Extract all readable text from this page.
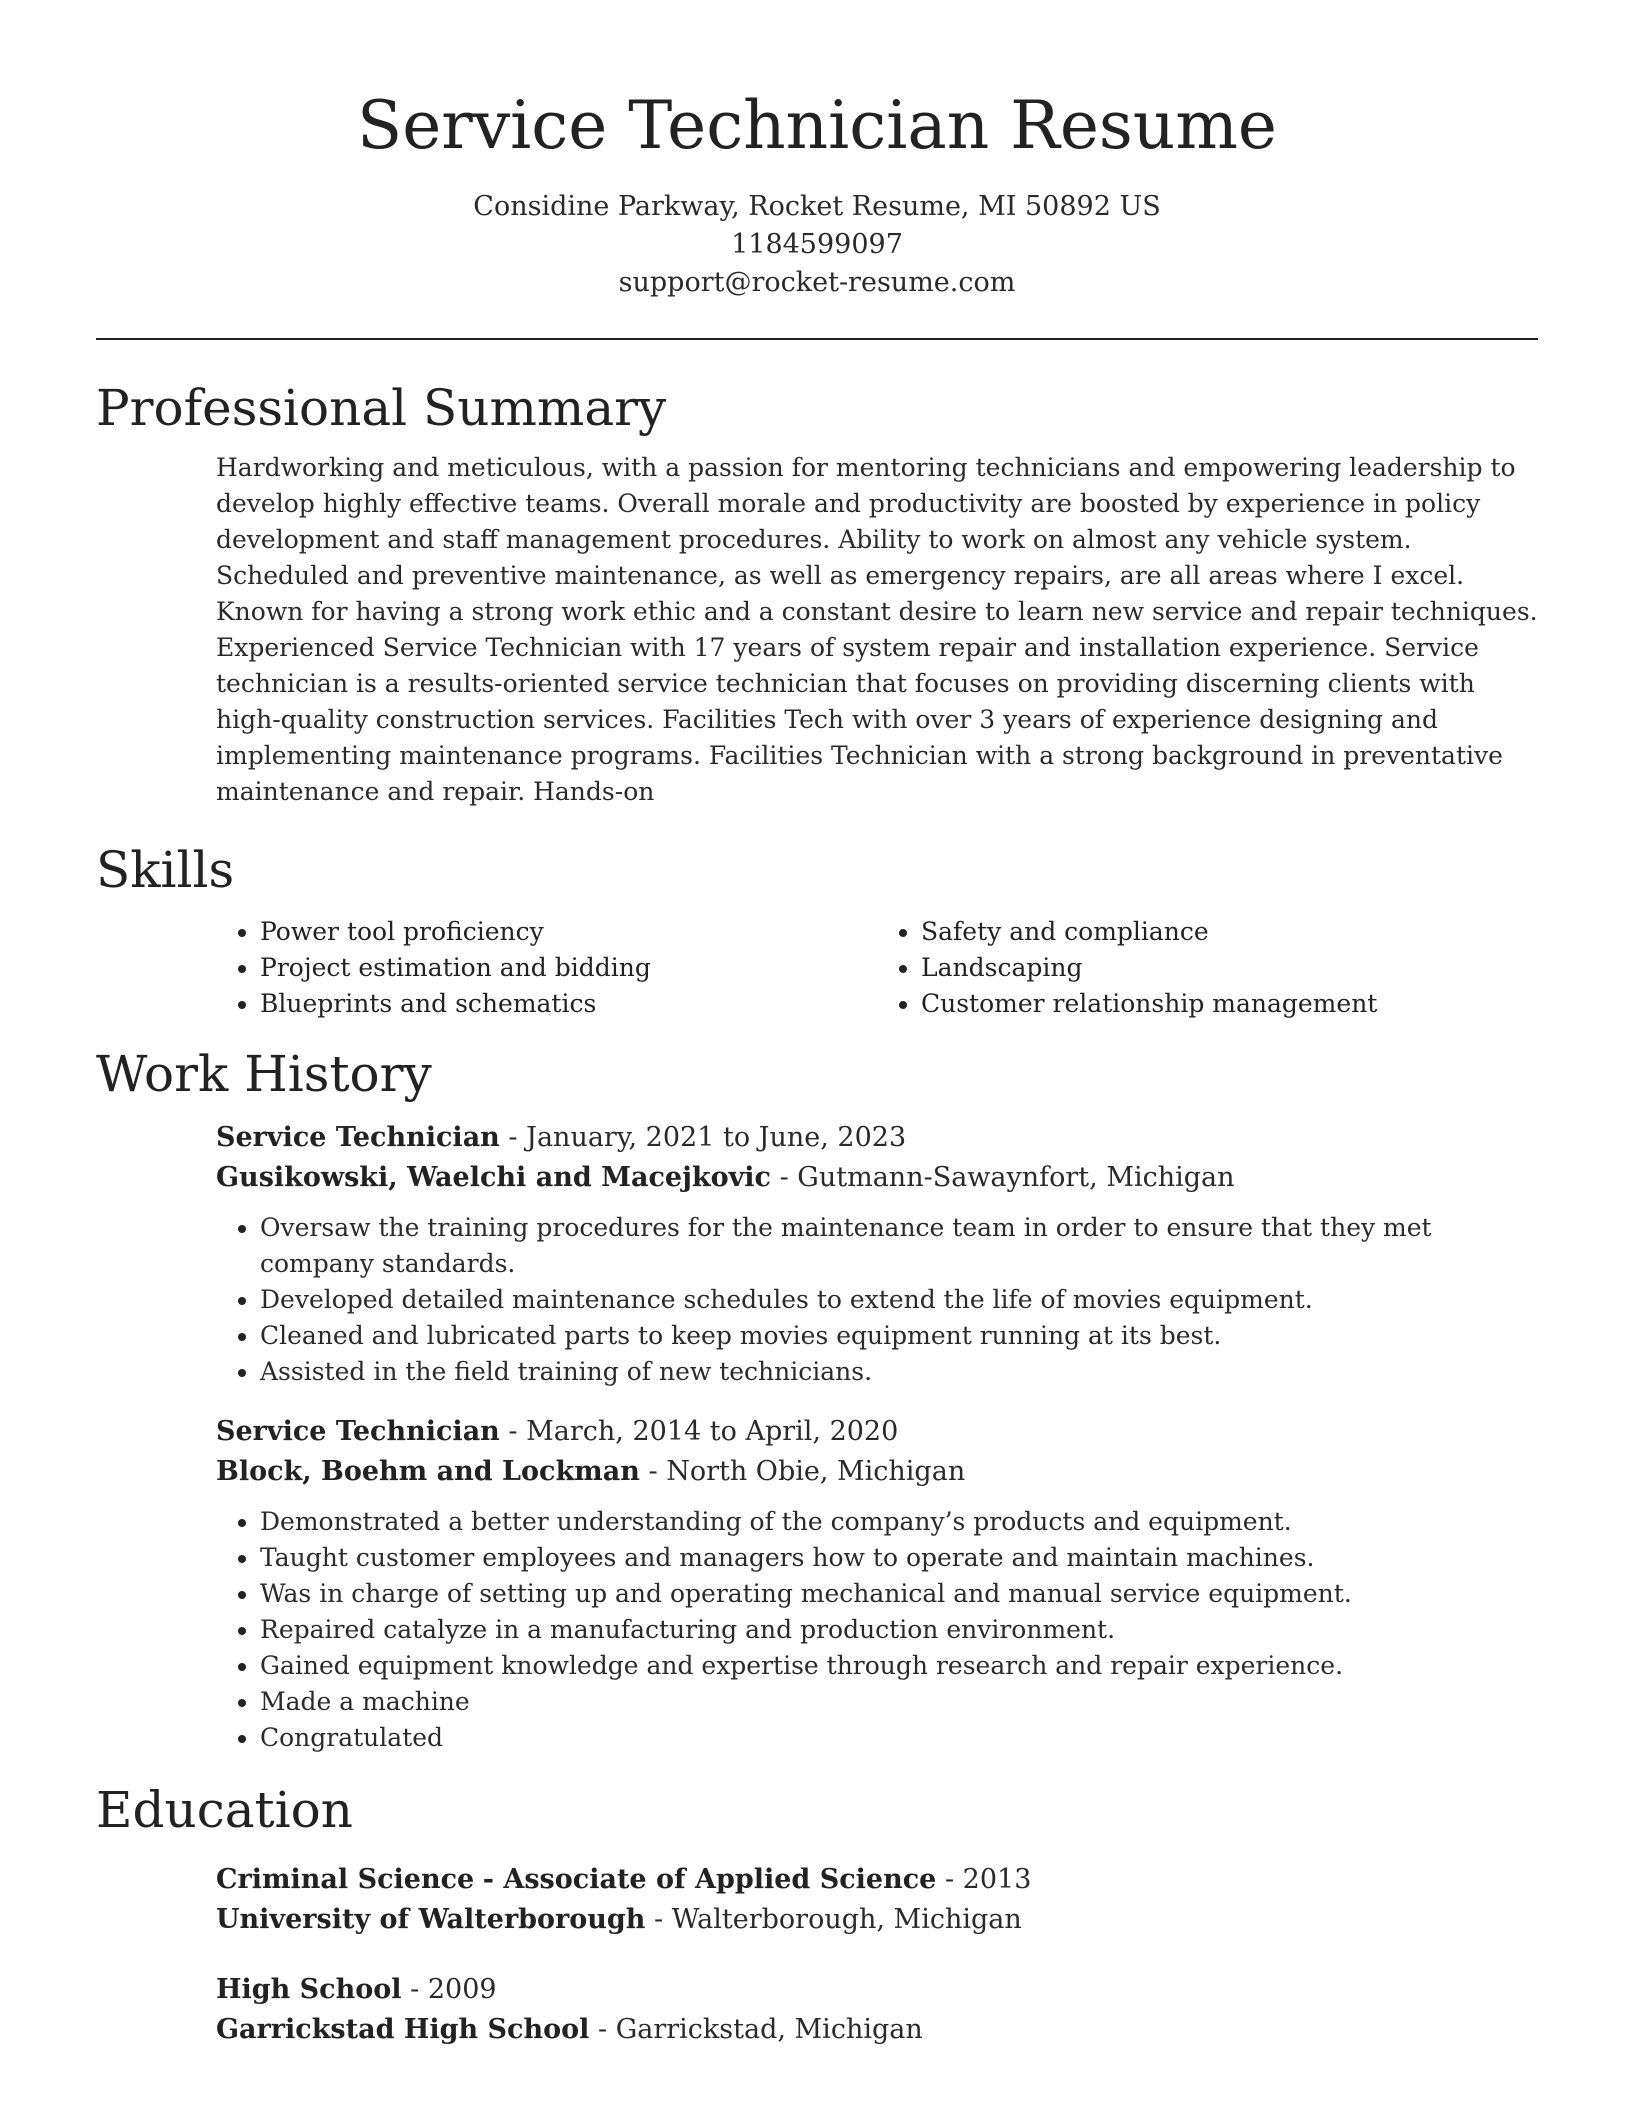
Service Technician Resume
Considine Parkway, Rocket Resume, MI 50892 US
1184599097
support@rocket-resume.com
Professional Summary

Hardworking and meticulous, with a passion for mentoring technicians and empowering leadership to develop highly effective teams. Overall morale and productivity are boosted by experience in policy development and staff management procedures. Ability to work on almost any vehicle system. Scheduled and preventive maintenance, as well as emergency repairs, are all areas where I excel. Known for having a strong work ethic and a constant desire to learn new service and repair techniques. Experienced Service Technician with 17 years of system repair and installation experience. Service technician is a results-oriented service technician that focuses on providing discerning clients with high-quality construction services. Facilities Tech with over 3 years of experience designing and implementing maintenance programs. Facilities Technician with a strong background in preventative maintenance and repair. Hands-on

Skills
• Power tool proficiency
• Project estimation and bidding
• Blueprints and schematics
• Safety and compliance
• Landscaping
• Customer relationship management
Work History
Service Technician - January, 2021 to June, 2023
Gusikowski, Waelchi and Macejkovic - Gutmann-Sawaynfort, Michigan
• Oversaw the training procedures for the maintenance team in order to ensure that they met company standards.
• Developed detailed maintenance schedules to extend the life of movies equipment.
• Cleaned and lubricated parts to keep movies equipment running at its best.
• Assisted in the field training of new technicians.
Service Technician - March, 2014 to April, 2020
Block, Boehm and Lockman - North Obie, Michigan
• Demonstrated a better understanding of the company’s products and equipment.
• Taught customer employees and managers how to operate and maintain machines.
• Was in charge of setting up and operating mechanical and manual service equipment.
• Repaired catalyze in a manufacturing and production environment.
• Gained equipment knowledge and expertise through research and repair experience.
• Made a machine
• Congratulated
Education
Criminal Science - Associate of Applied Science - 2013
University of Walterborough - Walterborough, Michigan
High School - 2009
Garrickstad High School - Garrickstad, Michigan
